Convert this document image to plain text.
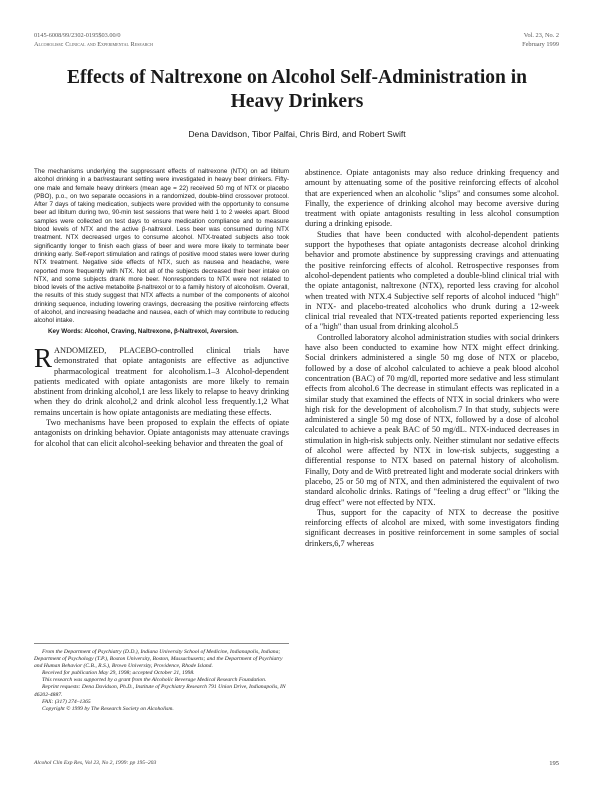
0145-6008/99/2302-0195$03.00/0
Alcoholism: Clinical and Experimental Research
Vol. 23, No. 2
February 1999
Effects of Naltrexone on Alcohol Self-Administration in Heavy Drinkers
Dena Davidson, Tibor Palfai, Chris Bird, and Robert Swift

The mechanisms underlying the suppressant effects of naltrexone (NTX) on ad libitum alcohol drinking in a bar/restaurant setting were investigated in heavy beer drinkers. Fifty-one male and female heavy drinkers (mean age = 22) received 50 mg of NTX or placebo (PBO), p.o., on two separate occasions in a randomized, double-blind crossover protocol. After 7 days of taking medication, subjects were provided with the opportunity to consume beer ad libitum during two, 90-min test sessions that were held 1 to 2 weeks apart. Blood samples were collected on test days to ensure medication compliance and to measure blood levels of NTX and the active β-naltrexol. Less beer was consumed during NTX treatment. NTX decreased urges to consume alcohol. NTX-treated subjects also took significantly longer to finish each glass of beer and were more likely to terminate beer drinking early. Self-report stimulation and ratings of positive mood states were lower during NTX treatment. Negative side effects of NTX, such as nausea and headache, were reported more frequently with NTX. Not all of the subjects decreased their beer intake on NTX, and some subjects drank more beer. Nonresponders to NTX were not related to blood levels of the active metabolite β-naltrexol or to a family history of alcoholism. Overall, the results of this study suggest that NTX affects a number of the components of alcohol drinking sequence, including lowering cravings, decreasing the positive reinforcing effects of alcohol, and increasing headache and nausea, each of which may contribute to reducing alcohol intake.

Key Words: Alcohol, Craving, Naltrexone, β-Naltrexol, Aversion.

RANDOMIZED, PLACEBO-controlled clinical trials have demonstrated that opiate antagonists are effective as adjunctive pharmacological treatment for alcoholism.1–3 Alcohol-dependent patients medicated with opiate antagonists are more likely to remain abstinent from drinking alcohol,1 are less likely to relapse to heavy drinking when they do drink alcohol,2 and drink alcohol less frequently.1,2 What remains uncertain is how opiate antagonists are mediating these effects.

Two mechanisms have been proposed to explain the effects of opiate antagonists on drinking behavior. Opiate antagonists may attenuate cravings for alcohol that can elicit alcohol-seeking behavior and threaten the goal of

From the Department of Psychiatry (D.D.), Indiana University School of Medicine, Indianapolis, Indiana; Department of Psychology (T.P.), Boston University, Boston, Massachusetts; and the Department of Psychiatry and Human Behavior (C.B., R.S.), Brown University, Providence, Rhode Island.

Received for publication May 29, 1998; accepted October 21, 1998.

This research was supported by a grant from the Alcoholic Beverage Medical Research Foundation.

Reprint requests: Dena Davidson, Ph.D., Institute of Psychiatry Research 791 Union Drive, Indianapolis, IN 46202-4887.

FAX: (317) 274–1365

Copyright © 1999 by The Research Society on Alcoholism.

abstinence. Opiate antagonists may also reduce drinking frequency and amount by attenuating some of the positive reinforcing effects of alcohol that are experienced when an alcoholic "slips" and consumes some alcohol. Finally, the experience of drinking alcohol may become aversive during treatment with opiate antagonists resulting in less alcohol consumption during a drinking episode.

Studies that have been conducted with alcohol-dependent patients support the hypotheses that opiate antagonists decrease alcohol drinking behavior and promote abstinence by suppressing cravings and attenuating the positive reinforcing effects of alcohol. Retrospective responses from alcohol-dependent patients who completed a double-blind clinical trial with the opiate antagonist, naltrexone (NTX), reported less craving for alcohol when treated with NTX.4 Subjective self reports of alcohol induced "high" in NTX- and placebo-treated alcoholics who drunk during a 12-week clinical trial revealed that NTX-treated patients reported experiencing less of a "high" than usual from drinking alcohol.5

Controlled laboratory alcohol administration studies with social drinkers have also been conducted to examine how NTX might effect drinking. Social drinkers administered a single 50 mg dose of NTX or placebo, followed by a dose of alcohol calculated to achieve a peak blood alcohol concentration (BAC) of 70 mg/dl, reported more sedative and less stimulant effects from alcohol.6 The decrease in stimulant effects was replicated in a similar study that examined the effects of NTX in social drinkers who were high risk for the development of alcoholism.7 In that study, subjects were administered a single 50 mg dose of NTX, followed by a dose of alcohol calculated to achieve a peak BAC of 50 mg/dL. NTX-induced decreases in stimulation in high-risk subjects only. Neither stimulant nor sedative effects of alcohol were affected by NTX in low-risk subjects, suggesting a differential response to NTX based on paternal history of alcoholism. Finally, Doty and de Wit8 pretreated light and moderate social drinkers with placebo, 25 or 50 mg of NTX, and then administered the equivalent of two standard alcoholic drinks. Ratings of "feeling a drug effect" or "liking the drug effect" were not effected by NTX.

Thus, support for the capacity of NTX to decrease the positive reinforcing effects of alcohol are mixed, with some investigators finding significant decreases in positive reinforcement in some samples of social drinkers,6,7 whereas

Alcohol Clin Exp Res, Vol 23, No 2, 1999: pp 195–203	195
